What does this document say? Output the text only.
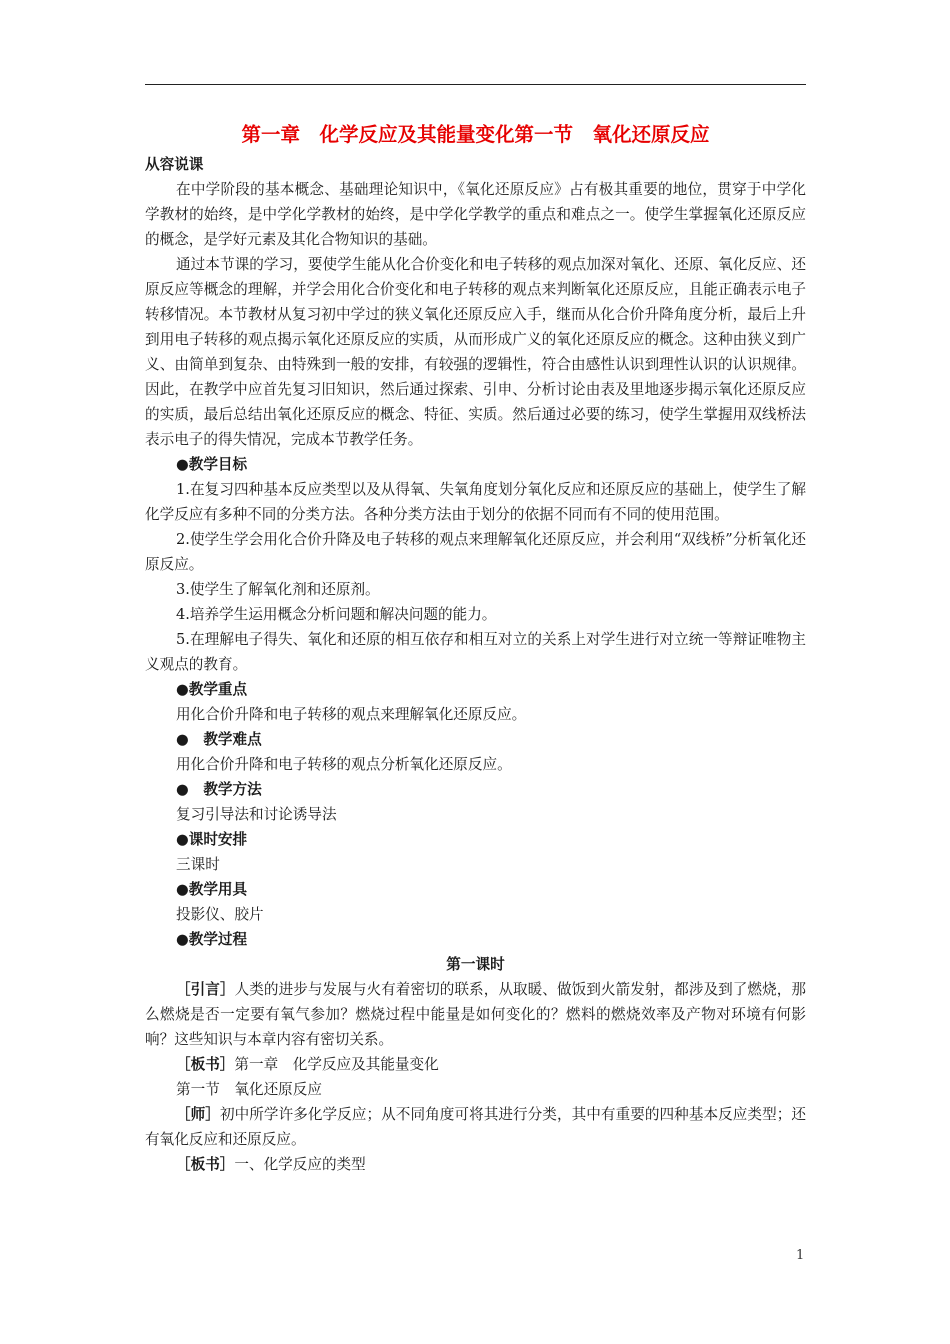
第一章　化学反应及其能量变化第一节　氧化还原反应
从容说课

在中学阶段的基本概念、基础理论知识中，《氧化还原反应》占有极其重要的地位，贯穿于中学化学教材的始终，是中学化学教材的始终，是中学化学教学的重点和难点之一。使学生掌握氧化还原反应的概念，是学好元素及其化合物知识的基础。

通过本节课的学习，要使学生能从化合价变化和电子转移的观点加深对氧化、还原、氧化反应、还原反应等概念的理解，并学会用化合价变化和电子转移的观点来判断氧化还原反应，且能正确表示电子转移情况。本节教材从复习初中学过的狭义氧化还原反应入手，继而从化合价升降角度分析，最后上升到用电子转移的观点揭示氧化还原反应的实质，从而形成广义的氧化还原反应的概念。这种由狭义到广义、由简单到复杂、由特殊到一般的安排，有较强的逻辑性，符合由感性认识到理性认识的认识规律。因此，在教学中应首先复习旧知识，然后通过探索、引申、分析讨论由表及里地逐步揭示氧化还原反应的实质，最后总结出氧化还原反应的概念、特征、实质。然后通过必要的练习，使学生掌握用双线桥法表示电子的得失情况，完成本节教学任务。

●教学目标

1.在复习四种基本反应类型以及从得氧、失氧角度划分氧化反应和还原反应的基础上，使学生了解化学反应有多种不同的分类方法。各种分类方法由于划分的依据不同而有不同的使用范围。

2.使学生学会用化合价升降及电子转移的观点来理解氧化还原反应，并会利用“双线桥”分析氧化还原反应。

3.使学生了解氧化剂和还原剂。

4.培养学生运用概念分析问题和解决问题的能力。

5.在理解电子得失、氧化和还原的相互依存和相互对立的关系上对学生进行对立统一等辩证唯物主义观点的教育。

●教学重点
用化合价升降和电子转移的观点来理解氧化还原反应。
●　教学难点
用化合价升降和电子转移的观点分析氧化还原反应。
●　教学方法
复习引导法和讨论诱导法
●课时安排
三课时
●教学用具
投影仪、胶片
●教学过程
第一课时

［引言］人类的进步与发展与火有着密切的联系，从取暖、做饭到火箭发射，都涉及到了燃烧，那么燃烧是否一定要有氧气参加？燃烧过程中能量是如何变化的？燃料的燃烧效率及产物对环境有何影响？这些知识与本章内容有密切关系。

［板书］第一章　化学反应及其能量变化
第一节　氧化还原反应

［师］初中所学许多化学反应；从不同角度可将其进行分类，其中有重要的四种基本反应类型；还有氧化反应和还原反应。

［板书］一、化学反应的类型
1
